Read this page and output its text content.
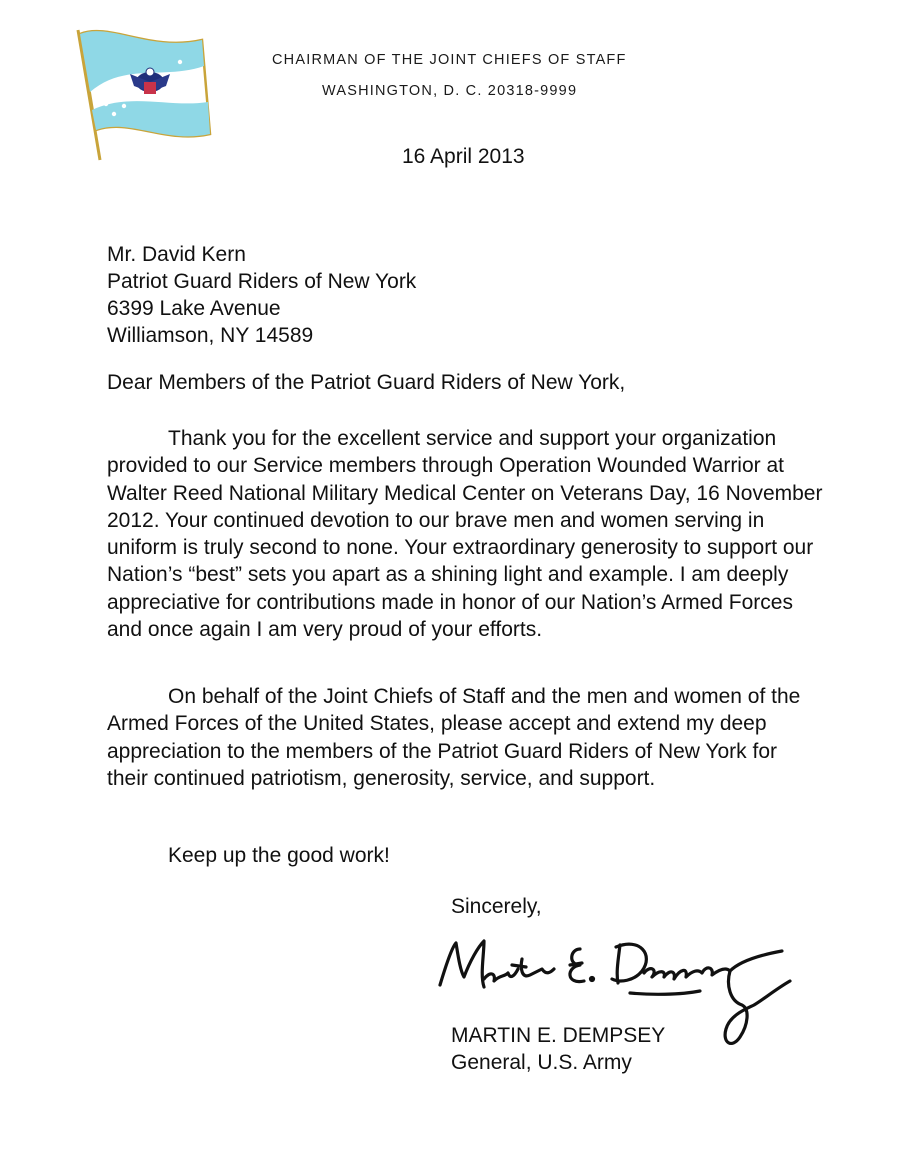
CHAIRMAN OF THE JOINT CHIEFS OF STAFF
WASHINGTON, D. C. 20318-9999
16 April 2013
Mr. David Kern
Patriot Guard Riders of New York
6399 Lake Avenue
Williamson, NY 14589
Dear Members of the Patriot Guard Riders of New York,

Thank you for the excellent service and support your organization provided to our Service members through Operation Wounded Warrior at Walter Reed National Military Medical Center on Veterans Day, 16 November 2012. Your continued devotion to our brave men and women serving in uniform is truly second to none. Your extraordinary generosity to support our Nation’s “best” sets you apart as a shining light and example. I am deeply appreciative for contributions made in honor of our Nation’s Armed Forces and once again I am very proud of your efforts.

On behalf of the Joint Chiefs of Staff and the men and women of the Armed Forces of the United States, please accept and extend my deep appreciation to the members of the Patriot Guard Riders of New York for their continued patriotism, generosity, service, and support.

Keep up the good work!
Sincerely,
MARTIN E. DEMPSEY
General, U.S. Army
